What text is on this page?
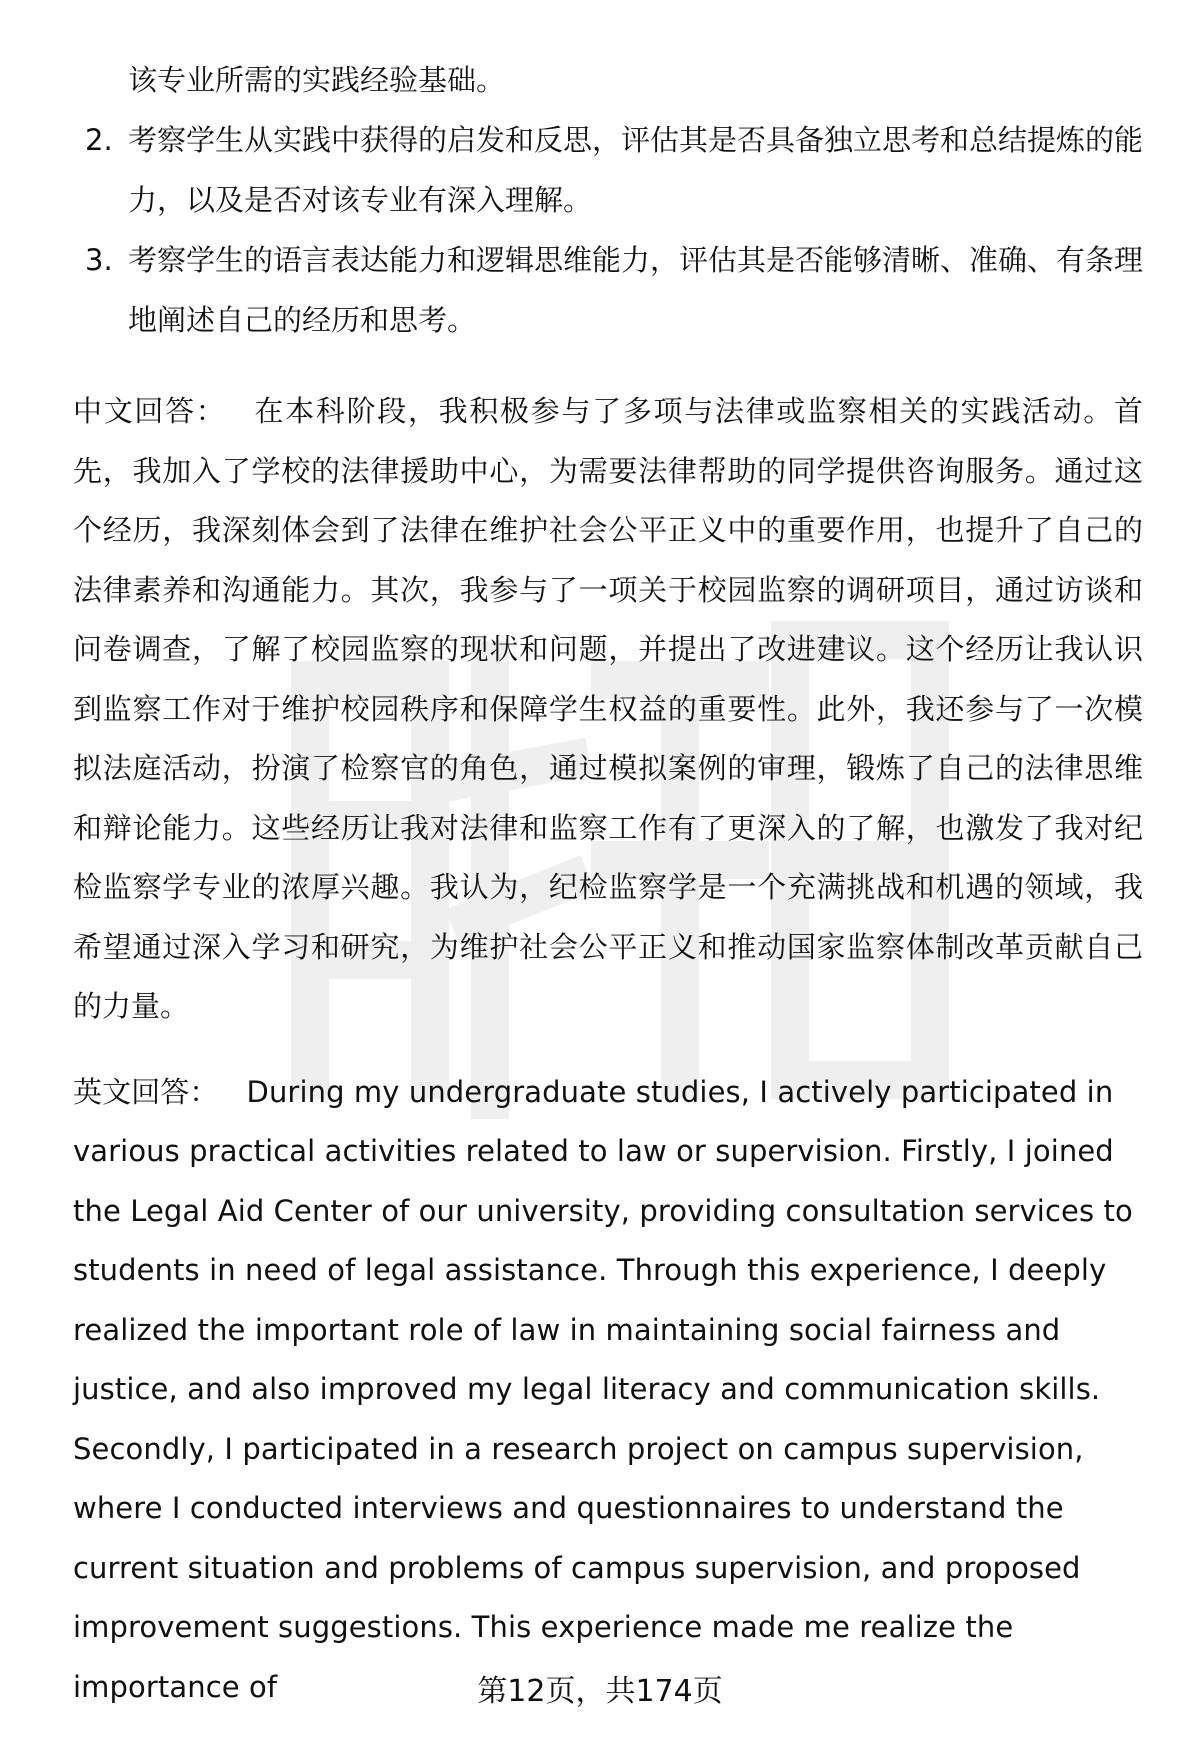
该专业所需的实践经验基础。
2. 考察学生从实践中获得的启发和反思，评估其是否具备独立思考和总结提炼的能力，以及是否对该专业有深入理解。
3. 考察学生的语言表达能力和逻辑思维能力，评估其是否能够清晰、准确、有条理地阐述自己的经历和思考。

中文回答： 在本科阶段，我积极参与了多项与法律或监察相关的实践活动。首先，我加入了学校的法律援助中心，为需要法律帮助的同学提供咨询服务。通过这个经历，我深刻体会到了法律在维护社会公平正义中的重要作用，也提升了自己的法律素养和沟通能力。其次，我参与了一项关于校园监察的调研项目，通过访谈和问卷调查，了解了校园监察的现状和问题，并提出了改进建议。这个经历让我认识到监察工作对于维护校园秩序和保障学生权益的重要性。此外，我还参与了一次模拟法庭活动，扮演了检察官的角色，通过模拟案例的审理，锻炼了自己的法律思维和辩论能力。这些经历让我对法律和监察工作有了更深入的了解，也激发了我对纪检监察学专业的浓厚兴趣。我认为，纪检监察学是一个充满挑战和机遇的领域，我希望通过深入学习和研究，为维护社会公平正义和推动国家监察体制改革贡献自己的力量。

英文回答： During my undergraduate studies, I actively participated in various practical activities related to law or supervision. Firstly, I joined the Legal Aid Center of our university, providing consultation services to students in need of legal assistance. Through this experience, I deeply realized the important role of law in maintaining social fairness and justice, and also improved my legal literacy and communication skills. Secondly, I participated in a research project on campus supervision, where I conducted interviews and questionnaires to understand the current situation and problems of campus supervision, and proposed improvement suggestions. This experience made me realize the importance of	第12页，共174页
